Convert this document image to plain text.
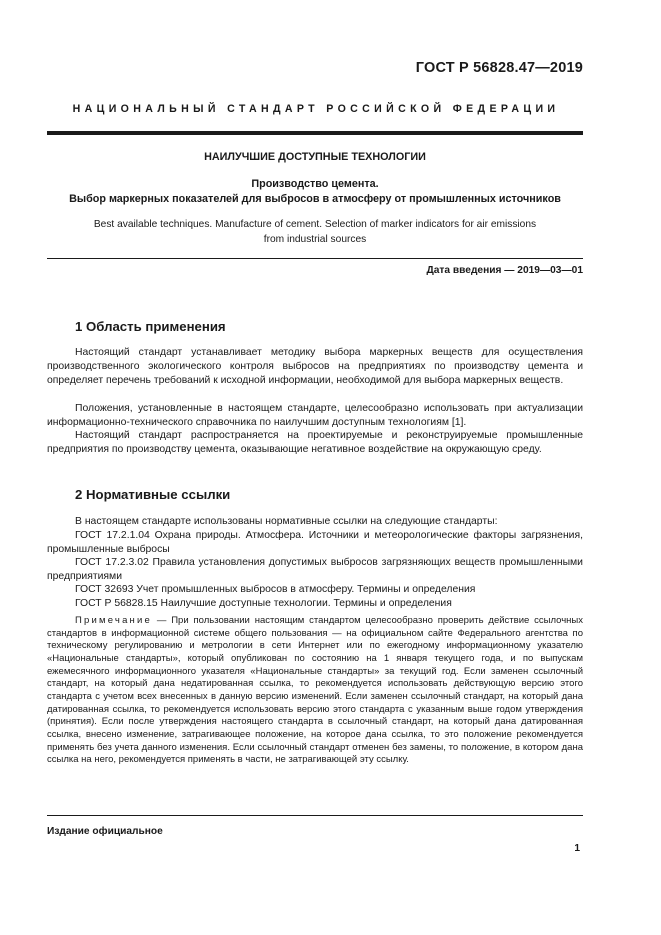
ГОСТ Р 56828.47—2019
НАЦИОНАЛЬНЫЙ СТАНДАРТ РОССИЙСКОЙ ФЕДЕРАЦИИ
НАИЛУЧШИЕ ДОСТУПНЫЕ ТЕХНОЛОГИИ
Производство цемента.
Выбор маркерных показателей для выбросов в атмосферу от промышленных источников
Best available techniques. Manufacture of cement. Selection of marker indicators for air emissions
from industrial sources
Дата введения — 2019—03—01
1 Область применения

Настоящий стандарт устанавливает методику выбора маркерных веществ для осуществления производственного экологического контроля выбросов на предприятиях по производству цемента и определяет перечень требований к исходной информации, необходимой для выбора маркерных веществ.

Положения, установленные в настоящем стандарте, целесообразно использовать при актуализации информационно-технического справочника по наилучшим доступным технологиям [1].

Настоящий стандарт распространяется на проектируемые и реконструируемые промышленные предприятия по производству цемента, оказывающие негативное воздействие на окружающую среду.

2 Нормативные ссылки

В настоящем стандарте использованы нормативные ссылки на следующие стандарты:

ГОСТ 17.2.1.04 Охрана природы. Атмосфера. Источники и метеорологические факторы загрязнения, промышленные выбросы

ГОСТ 17.2.3.02 Правила установления допустимых выбросов загрязняющих веществ промышленными предприятиями

ГОСТ 32693 Учет промышленных выбросов в атмосферу. Термины и определения

ГОСТ Р 56828.15 Наилучшие доступные технологии. Термины и определения

Примечание — При пользовании настоящим стандартом целесообразно проверить действие ссылочных стандартов в информационной системе общего пользования — на официальном сайте Федерального агентства по техническому регулированию и метрологии в сети Интернет или по ежегодному информационному указателю «Национальные стандарты», который опубликован по состоянию на 1 января текущего года, и по выпускам ежемесячного информационного указателя «Национальные стандарты» за текущий год. Если заменен ссылочный стандарт, на который дана недатированная ссылка, то рекомендуется использовать действующую версию этого стандарта с учетом всех внесенных в данную версию изменений. Если заменен ссылочный стандарт, на который дана датированная ссылка, то рекомендуется использовать версию этого стандарта с указанным выше годом утверждения (принятия). Если после утверждения настоящего стандарта в ссылочный стандарт, на который дана датированная ссылка, внесено изменение, затрагивающее положение, на которое дана ссылка, то это положение рекомендуется применять без учета данного изменения. Если ссылочный стандарт отменен без замены, то положение, в котором дана ссылка на него, рекомендуется применять в части, не затрагивающей эту ссылку.

Издание официальное
1
